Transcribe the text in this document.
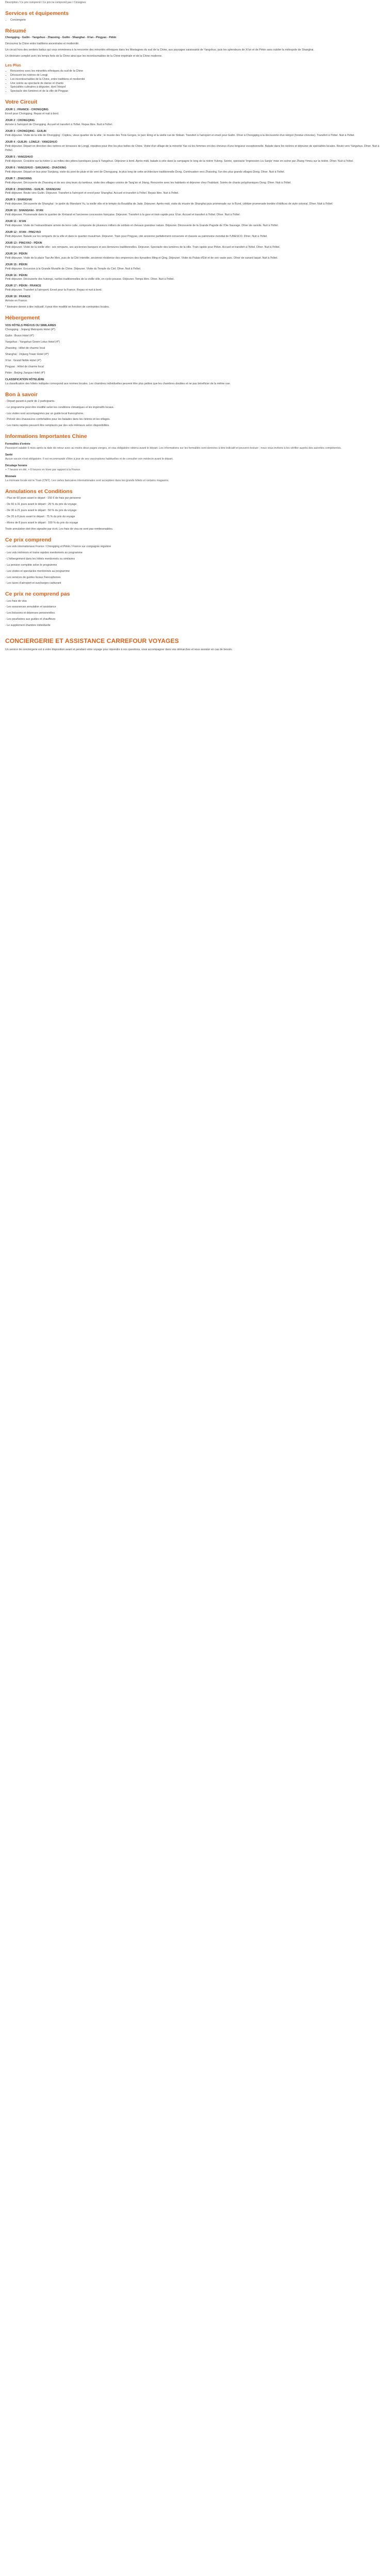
Description / Ce prix comprend / Ce prix ne comprend pas / Consignes
Services et équipements
• Conciergerie
Résumé

Chongqing - Guilin - Yangshuo - Zhaoxing - Guilin - Shanghai - Xi'an - Pingyao - Pékin

Découvrez la Chine entre traditions ancestrales et modernité.

Un circuit hors des sentiers battus qui vous emmènera à la rencontre des minorités ethniques dans les Montagnes du sud de la Chine, aux paysages saisissants de Yangshuo, puis les splendeurs de Xi'an et de Pékin sans oublier la métropole de Shanghai.

Un itinéraire complet avec les temps forts de la Chine ainsi que les incontournables de la Chine impériale et de la Chine moderne.

Les Plus
• Rencontrez avec les minorités ethniques du sud de la Chine
• Découvrir les rizières de Longji
• Les incontournables de la Chine, entre traditions et modernité
• Une soirée au spectacle de danse et chants
• Spécialités culinaires à déguster, dont 'Hotpot'
• Spectacle des lumières et de la ville de Pingyao
Votre Circuit
JOUR 1 : FRANCE - CHONGQING

Envol pour Chongqing. Repas et nuit à bord.

JOUR 2 : CHONGQING

Arrivée à l'aéroport de Chongqing. Accueil et transfert à l'hôtel. Repas libre. Nuit à l'hôtel.

JOUR 3 : CHONGQING - GUILIN

Petit déjeuner. Visite de la ville de Chongqing : Ciqikou, vieux quartier de la ville ; le musée des Trois Gorges, le parc Eling et la vieille rue de Shibati. Transfert à l'aéroport et envol pour Guilin. Dîner à Chongqing à la découverte d'un Hotpot (fondue chinoise). Transfert à l'hôtel. Nuit à l'hôtel.

JOUR 4 : GUILIN - LONGJI - YANGSHUO

Petit déjeuner. Départ en direction des rizières en terrasses de Longji, réputées pour être les plus belles de Chine. Visite d'un village de la minorité Yao où les femmes ont des cheveux d'une longueur exceptionnelle. Balade dans les rizières et déjeuner de spécialités locales. Route vers Yangshuo. Dîner. Nuit à l'hôtel.

JOUR 5 : YANGSHUO

Petit déjeuner. Croisière sur la rivière Li au milieu des pitons karstiques jusqu'à Yangshuo. Déjeuner à bord. Après-midi, balade à vélo dans la campagne le long de la rivière Yulong. Soirée, spectacle 'Impression Liu Sanjie' mise en scène par Zhang Yimou sur la rivière. Dîner. Nuit à l'hôtel.

JOUR 6 : YANGSHUO - SANJIANG - ZHAOXING

Petit déjeuner. Départ en bus pour Sanjiang, visite du pont de pluie et de vent de Chengyang, le plus long de cette architecture traditionnelle Dong. Continuation vers Zhaoxing, l'un des plus grands villages Dong. Dîner. Nuit à l'hôtel.

JOUR 7 : ZHAOXING

Petit déjeuner. Découverte de Zhaoxing et de ses cinq tours du tambour, visite des villages voisins de Tang'an et Jitang. Rencontre avec les habitants et déjeuner chez l'habitant. Soirée de chants polyphoniques Dong. Dîner. Nuit à l'hôtel.

JOUR 8 : ZHAOXING - GUILIN - SHANGHAI

Petit déjeuner. Route vers Guilin. Déjeuner. Transfert à l'aéroport et envol pour Shanghai. Accueil et transfert à l'hôtel. Repas libre. Nuit à l'hôtel.

JOUR 9 : SHANGHAI

Petit déjeuner. Découverte de Shanghai : le jardin du Mandarin Yu, la vieille ville et le temple du Bouddha de Jade. Déjeuner. Après-midi, visite du musée de Shanghai puis promenade sur le Bund, célèbre promenade bordée d'édifices de style colonial. Dîner. Nuit à l'hôtel.

JOUR 10 : SHANGHAI - XI'AN

Petit déjeuner. Promenade dans le quartier de Xintiandi et l'ancienne concession française. Déjeuner. Transfert à la gare et train rapide pour Xi'an. Accueil et transfert à l'hôtel. Dîner. Nuit à l'hôtel.

JOUR 11 : XI'AN

Petit déjeuner. Visite de l'extraordinaire armée de terre cuite, composée de plusieurs milliers de soldats et chevaux grandeur nature. Déjeuner. Découverte de la Grande Pagode de l'Oie Sauvage. Dîner de raviolis. Nuit à l'hôtel.

JOUR 12 : XI'AN - PINGYAO

Petit déjeuner. Balade sur les remparts de la ville et dans le quartier musulman. Déjeuner. Train pour Pingyao, cité ancienne parfaitement conservée et classée au patrimoine mondial de l'UNESCO. Dîner. Nuit à l'hôtel.

JOUR 13 : PINGYAO - PÉKIN

Petit déjeuner. Visite de la vieille ville : ses remparts, ses anciennes banques et ses demeures traditionnelles. Déjeuner. Spectacle des lumières de la ville. Train rapide pour Pékin. Accueil et transfert à l'hôtel. Dîner. Nuit à l'hôtel.

JOUR 14 : PÉKIN

Petit déjeuner. Visite de la place Tian An Men, puis de la Cité Interdite, ancienne résidence des empereurs des dynasties Ming et Qing. Déjeuner. Visite du Palais d'Été et de son vaste parc. Dîner de canard laqué. Nuit à l'hôtel.

JOUR 15 : PÉKIN

Petit déjeuner. Excursion à la Grande Muraille de Chine. Déjeuner. Visite du Temple du Ciel. Dîner. Nuit à l'hôtel.

JOUR 16 : PÉKIN

Petit déjeuner. Découverte des hutongs, ruelles traditionnelles de la vieille ville, en cyclo-pousse. Déjeuner. Temps libre. Dîner. Nuit à l'hôtel.

JOUR 17 : PÉKIN - FRANCE

Petit déjeuner. Transfert à l'aéroport. Envol pour la France. Repas et nuit à bord.

JOUR 18 : FRANCE

Arrivée en France.

* Itinéraire donné à titre indicatif, il peut être modifié en fonction de contraintes locales.

Hébergement
VOS HÔTELS PRÉVUS OU SIMILAIRES

Chongqing : Jinjiang Metropolo Hotel (4*)

Guilin : Bravo Hotel (4*)

Yangshuo : Yangshuo Green Lotus Hotel (4*)

Zhaoxing : Hôtel de charme local

Shanghai : Jinjiang Tower Hotel (4*)

Xi'an : Grand Noble Hotel (4*)

Pingyao : Hôtel de charme local

Pékin : Beijing Jianguo Hotel (4*)

CLASSIFICATION HÔTELIÈRE

La classification des hôtels indiquée correspond aux normes locales. Les chambres individuelles peuvent être plus petites que les chambres doubles et ne pas bénéficier de la même vue.

Bon à savoir

- Départ garanti à partir de 2 participants.

- Le programme peut être modifié selon les conditions climatiques et les impératifs locaux.

- Les visites sont accompagnées par un guide local francophone.

- Prévoir des chaussures confortables pour les balades dans les rizières et les villages.

- Les trains rapides peuvent être remplacés par des vols intérieurs selon disponibilités.

Informations Importantes Chine
Formalités d'entrée

Passeport valable 6 mois après la date de retour avec au moins deux pages vierges, et visa obligatoire obtenu avant le départ. Les informations sur les formalités sont données à titre indicatif et peuvent évoluer ; nous vous invitons à les vérifier auprès des autorités compétentes.

Santé

Aucun vaccin n'est obligatoire. Il est recommandé d'être à jour de ses vaccinations habituelles et de consulter son médecin avant le départ.

Décalage horaire

+ 7 heures en été, + 6 heures en hiver par rapport à la France.

Monnaie

La monnaie locale est le Yuan (CNY). Les cartes bancaires internationales sont acceptées dans les grands hôtels et certains magasins.

Annulations et Conditions

- Plus de 60 jours avant le départ : 150 € de frais par personne

- De 60 à 31 jours avant le départ : 25 % du prix du voyage

- De 30 à 21 jours avant le départ : 50 % du prix du voyage

- De 20 à 8 jours avant le départ : 75 % du prix du voyage

- Moins de 8 jours avant le départ : 100 % du prix du voyage

Toute annulation doit être signalée par écrit. Les frais de visa ne sont pas remboursables.

Ce prix comprend

- Les vols internationaux France / Chongqing et Pékin / France sur compagnie régulière

- Les vols intérieurs et trains rapides mentionnés au programme

- L'hébergement dans les hôtels mentionnés ou similaires

- La pension complète selon le programme

- Les visites et spectacles mentionnés au programme

- Les services de guides locaux francophones

- Les taxes d'aéroport et surcharges carburant

Ce prix ne comprend pas

- Les frais de visa

- Les assurances annulation et assistance

- Les boissons et dépenses personnelles

- Les pourboires aux guides et chauffeurs

- Le supplément chambre individuelle

CONCIERGERIE ET ASSISTANCE CARREFOUR VOYAGES

Un service de conciergerie est à votre disposition avant et pendant votre voyage pour répondre à vos questions, vous accompagner dans vos démarches et vous assister en cas de besoin.
